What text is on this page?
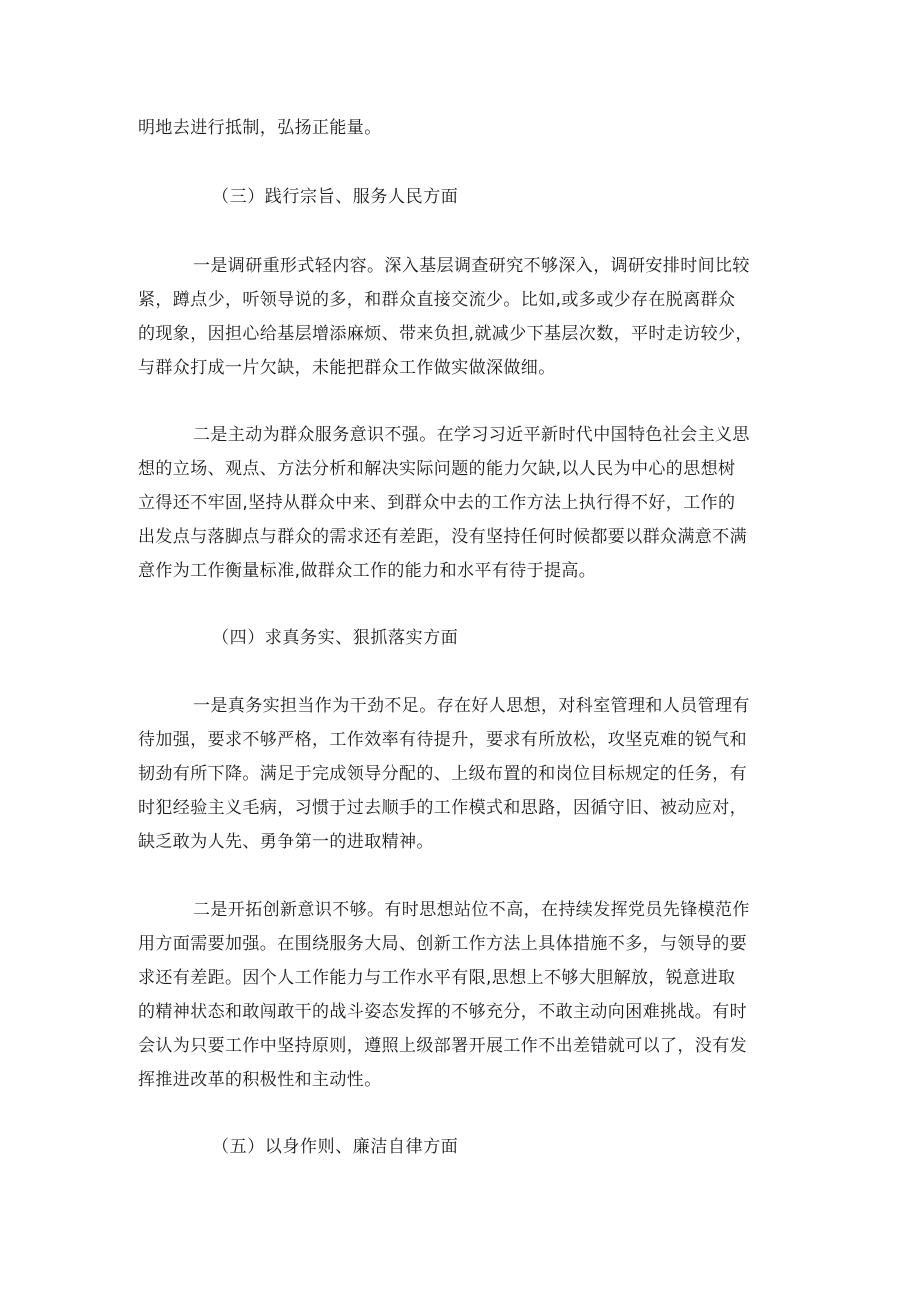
明地去进行抵制，弘扬正能量。
（三）践行宗旨、服务人民方面
一是调研重形式轻内容。深入基层调查研究不够深入，调研安排时间比较
紧，蹲点少，听领导说的多，和群众直接交流少。比如,或多或少存在脱离群众
的现象，因担心给基层增添麻烦、带来负担,就减少下基层次数，平时走访较少，
与群众打成一片欠缺，未能把群众工作做实做深做细。
二是主动为群众服务意识不强。在学习习近平新时代中国特色社会主义思
想的立场、观点、方法分析和解决实际问题的能力欠缺,以人民为中心的思想树
立得还不牢固,坚持从群众中来、到群众中去的工作方法上执行得不好，工作的
出发点与落脚点与群众的需求还有差距，没有坚持任何时候都要以群众满意不满
意作为工作衡量标准,做群众工作的能力和水平有待于提高。
（四）求真务实、狠抓落实方面
一是真务实担当作为干劲不足。存在好人思想，对科室管理和人员管理有
待加强，要求不够严格，工作效率有待提升，要求有所放松，攻坚克难的锐气和
韧劲有所下降。满足于完成领导分配的、上级布置的和岗位目标规定的任务，有
时犯经验主义毛病，习惯于过去顺手的工作模式和思路，因循守旧、被动应对，
缺乏敢为人先、勇争第一的进取精神。
二是开拓创新意识不够。有时思想站位不高，在持续发挥党员先锋模范作
用方面需要加强。在围绕服务大局、创新工作方法上具体措施不多，与领导的要
求还有差距。因个人工作能力与工作水平有限,思想上不够大胆解放，锐意进取
的精神状态和敢闯敢干的战斗姿态发挥的不够充分，不敢主动向困难挑战。有时
会认为只要工作中坚持原则，遵照上级部署开展工作不出差错就可以了，没有发
挥推进改革的积极性和主动性。
（五）以身作则、廉洁自律方面
